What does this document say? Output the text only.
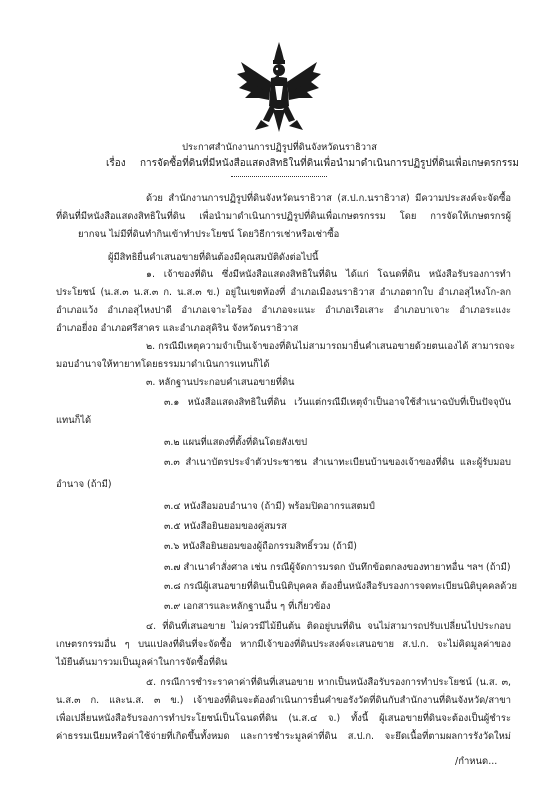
ประกาศสำนักงานการปฏิรูปที่ดินจังหวัดนราธิวาส
เรื่อง การจัดซื้อที่ดินที่มีหนังสือแสดงสิทธิในที่ดินเพื่อนำมาดำเนินการปฏิรูปที่ดินเพื่อเกษตรกรรม
ด้วย สำนักงานการปฏิรูปที่ดินจังหวัดนราธิวาส (ส.ป.ก.นราธิวาส) มีความประสงค์จะจัดซื้อ
ที่ดินที่มีหนังสือแสดงสิทธิในที่ดิน เพื่อนำมาดำเนินการปฏิรูปที่ดินเพื่อเกษตรกรรม โดย การจัดให้เกษตรกรผู้
ยากจน ไม่มีที่ดินทำกินเข้าทำประโยชน์ โดยวิธีการเช่าหรือเช่าซื้อ
ผู้มีสิทธิยื่นคำเสนอขายที่ดินต้องมีคุณสมบัติดังต่อไปนี้
๑. เจ้าของที่ดิน ซึ่งมีหนังสือแสดงสิทธิในที่ดิน ได้แก่ โฉนดที่ดิน หนังสือรับรองการทำ
ประโยชน์ (น.ส.๓ น.ส.๓ ก. น.ส.๓ ข.) อยู่ในเขตท้องที่ อำเภอเมืองนราธิวาส อำเภอตากใบ อำเภอสุไหงโก-ลก
อำเภอแว้ง อำเภอสุไหงปาดี อำเภอเจาะไอร้อง อำเภอจะแนะ อำเภอเรือเสาะ อำเภอบาเจาะ อำเภอระแงะ
อำเภอยี่งอ อำเภอศรีสาคร และอำเภอสุคิริน จังหวัดนราธิวาส
๒. กรณีมีเหตุความจำเป็นเจ้าของที่ดินไม่สามารถมายื่นคำเสนอขายด้วยตนเองได้ สามารถจะ
มอบอำนาจให้ทายาทโดยธรรมมาดำเนินการแทนก็ได้
๓. หลักฐานประกอบคำเสนอขายที่ดิน
๓.๑ หนังสือแสดงสิทธิในที่ดิน เว้นแต่กรณีมีเหตุจำเป็นอาจใช้สำเนาฉบับที่เป็นปัจจุบัน
แทนก็ได้
๓.๒ แผนที่แสดงที่ตั้งที่ดินโดยสังเขป
๓.๓ สำเนาบัตรประจำตัวประชาชน สำเนาทะเบียนบ้านของเจ้าของที่ดิน และผู้รับมอบ
อำนาจ (ถ้ามี)
๓.๔ หนังสือมอบอำนาจ (ถ้ามี) พร้อมปิดอากรแสตมป์
๓.๕ หนังสือยินยอมของคู่สมรส
๓.๖ หนังสือยินยอมของผู้ถือกรรมสิทธิ์รวม (ถ้ามี)
๓.๗ สำเนาคำสั่งศาล เช่น กรณีผู้จัดการมรดก บันทึกข้อตกลงของทายาทอื่น ฯลฯ (ถ้ามี)
๓.๘ กรณีผู้เสนอขายที่ดินเป็นนิติบุคคล ต้องยื่นหนังสือรับรองการจดทะเบียนนิติบุคคลด้วย
๓.๙ เอกสารและหลักฐานอื่น ๆ ที่เกี่ยวข้อง
๔. ที่ดินที่เสนอขาย ไม่ควรมีไม้ยืนต้น ติดอยู่บนที่ดิน จนไม่สามารถปรับเปลี่ยนไปประกอบ
เกษตรกรรมอื่น ๆ บนแปลงที่ดินที่จะจัดซื้อ หากมีเจ้าของที่ดินประสงค์จะเสนอขาย ส.ป.ก. จะไม่คิดมูลค่าของ
ไม้ยืนต้นมารวมเป็นมูลค่าในการจัดซื้อที่ดิน
๕. กรณีการชำระราคาค่าที่ดินที่เสนอขาย หากเป็นหนังสือรับรองการทำประโยชน์ (น.ส. ๓,
น.ส.๓ ก. และน.ส. ๓ ข.) เจ้าของที่ดินจะต้องดำเนินการยื่นคำขอรังวัดที่ดินกับสำนักงานที่ดินจังหวัด/สาขา
เพื่อเปลี่ยนหนังสือรับรองการทำประโยชน์เป็นโฉนดที่ดิน (น.ส.๔ จ.) ทั้งนี้ ผู้เสนอขายที่ดินจะต้องเป็นผู้ชำระ
ค่าธรรมเนียมหรือค่าใช้จ่ายที่เกิดขึ้นทั้งหมด และการชำระมูลค่าที่ดิน ส.ป.ก. จะยึดเนื้อที่ตามผลการรังวัดใหม่
/กำหนด...
